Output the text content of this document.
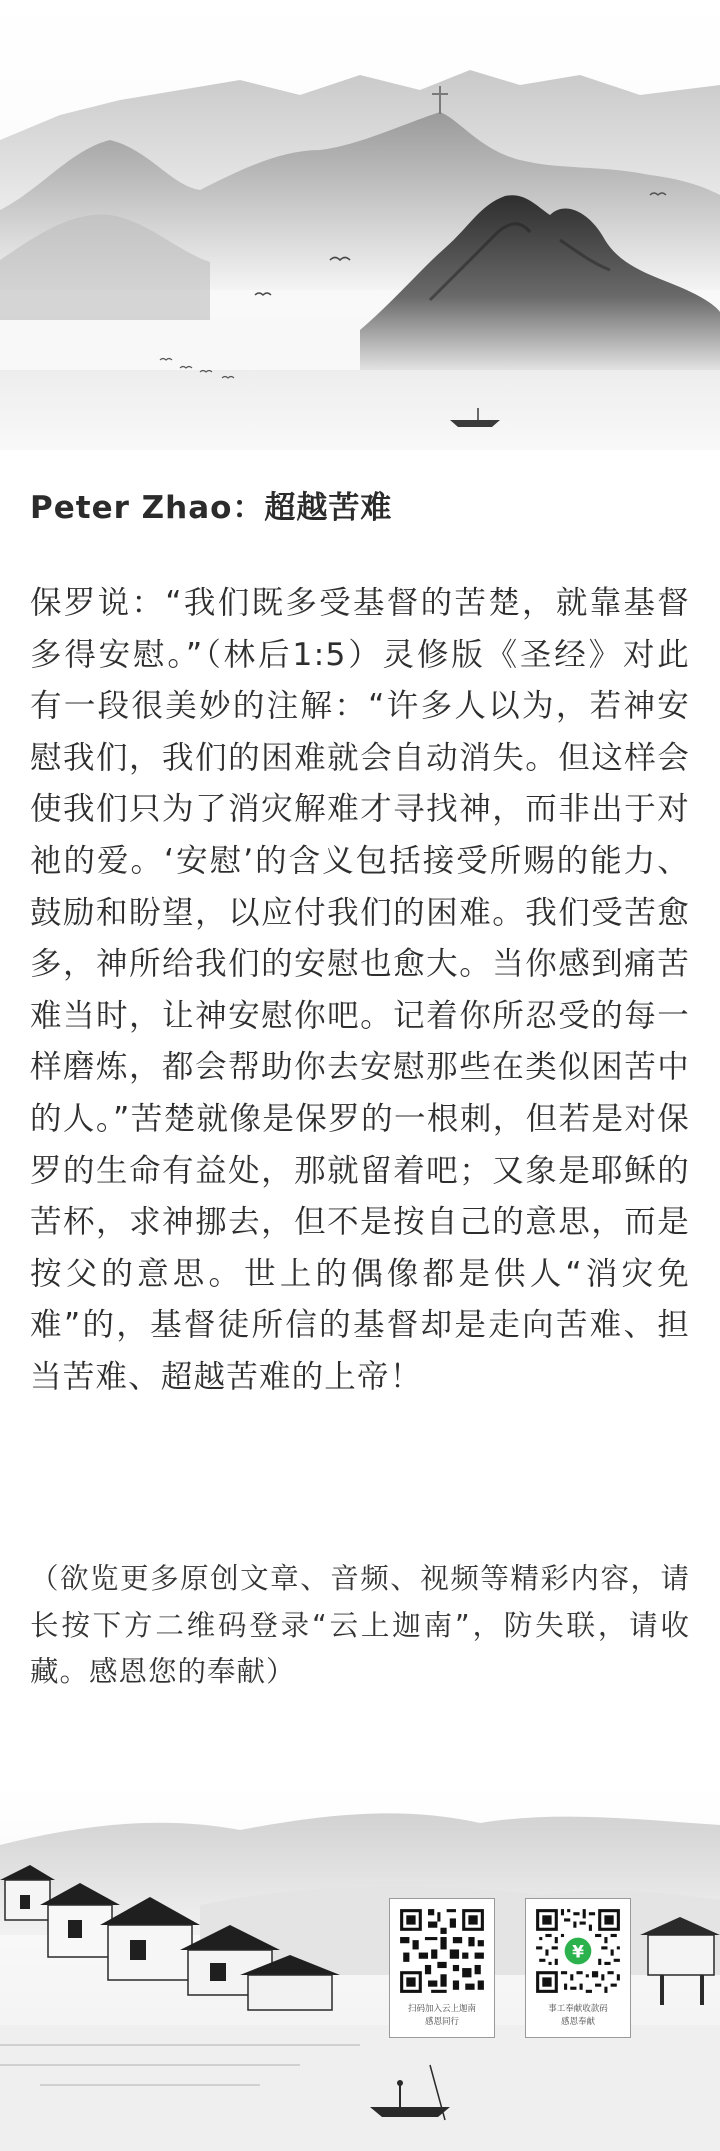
Peter Zhao：超越苦难

保罗说：“我们既多受基督的苦楚，就靠基督多得安慰。”（林后1:5）灵修版《圣经》对此有一段很美妙的注解：“许多人以为，若神安慰我们，我们的困难就会自动消失。但这样会使我们只为了消灾解难才寻找神，而非出于对祂的爱。‘安慰’的含义包括接受所赐的能力、鼓励和盼望，以应付我们的困难。我们受苦愈多，神所给我们的安慰也愈大。当你感到痛苦难当时，让神安慰你吧。记着你所忍受的每一样磨炼，都会帮助你去安慰那些在类似困苦中的人。”苦楚就像是保罗的一根刺，但若是对保罗的生命有益处，那就留着吧；又象是耶稣的苦杯，求神挪去，但不是按自己的意思，而是按父的意思。世上的偶像都是供人“消灾免难”的，基督徒所信的基督却是走向苦难、担当苦难、超越苦难的上帝！

（欲览更多原创文章、音频、视频等精彩内容，请长按下方二维码登录“云上迦南”，防失联，请收藏。感恩您的奉献）

扫码加入云上迦南
感恩同行
¥
事工奉献收款码
感恩奉献
